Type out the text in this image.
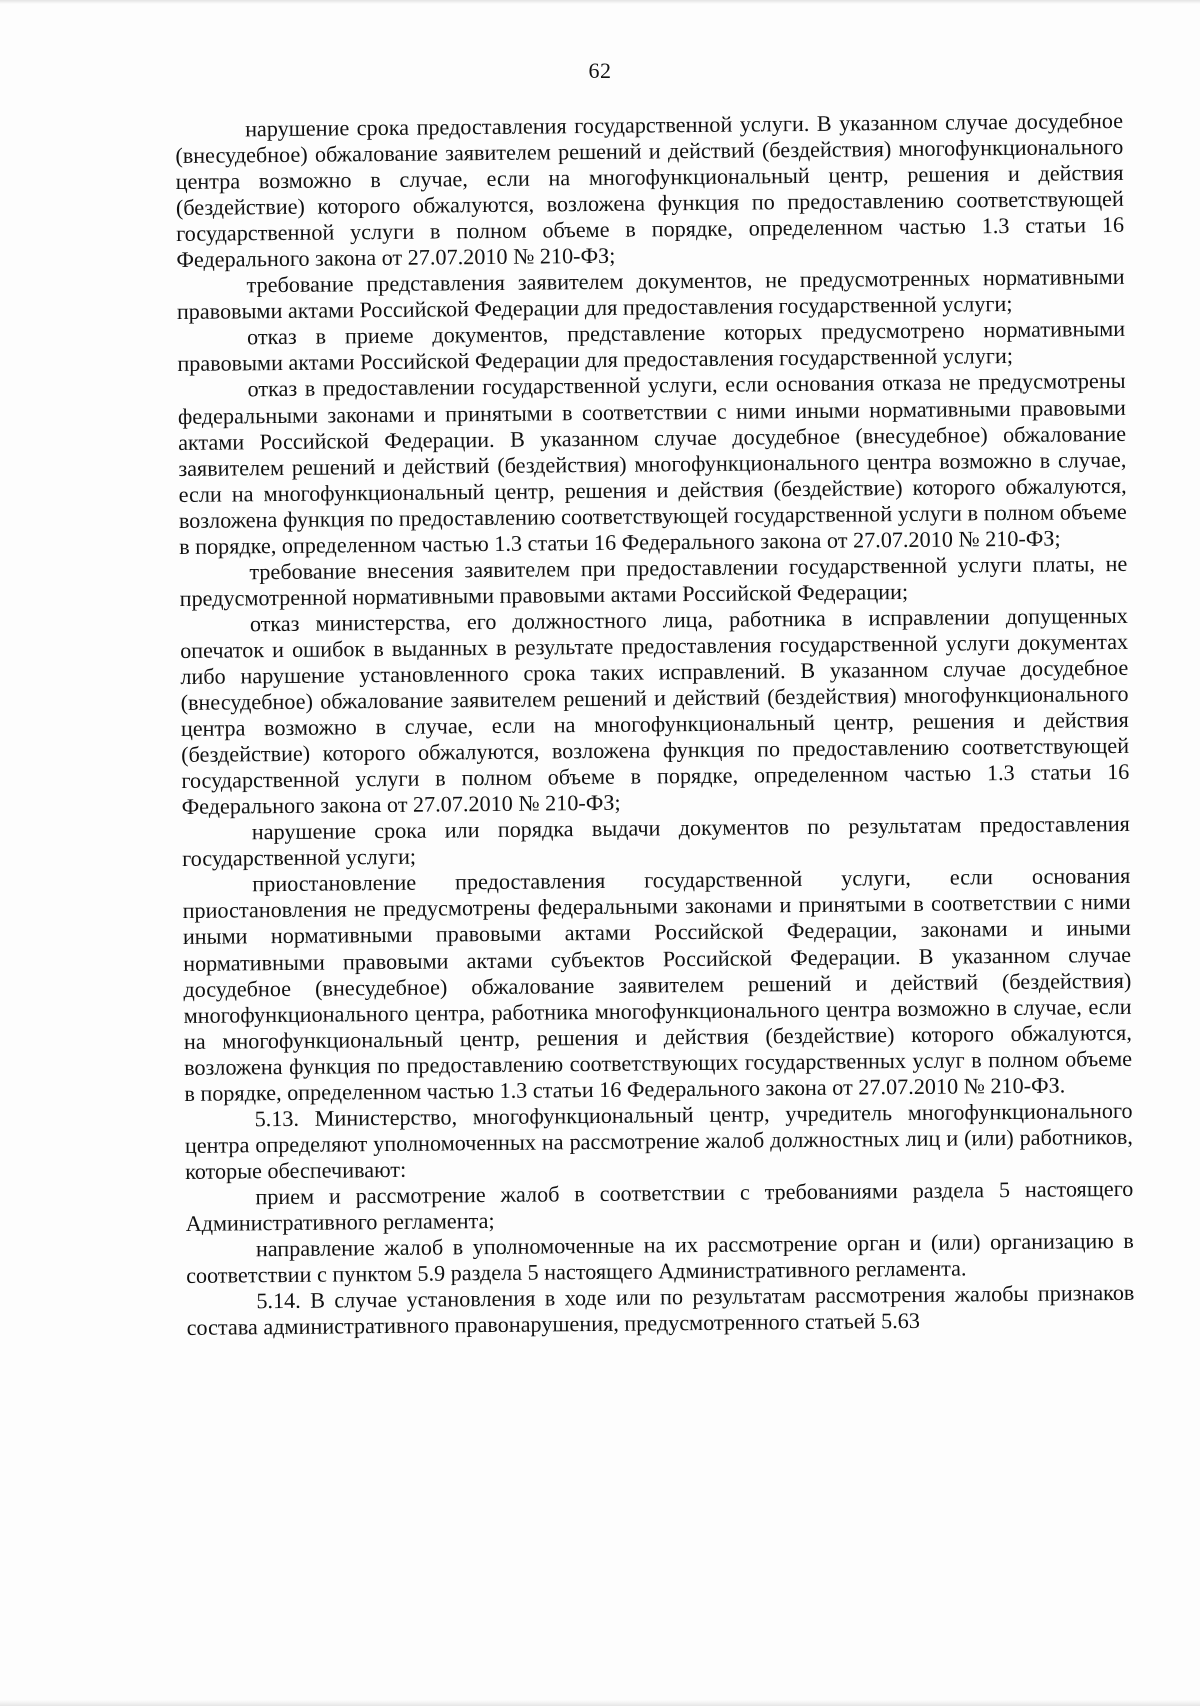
62

нарушение срока предоставления государственной услуги. В указанном случае досудебное (внесудебное) обжалование заявителем решений и действий (бездействия) многофункционального центра возможно в случае, если на многофункциональный центр, решения и действия (бездействие) которого обжалуются, возложена функция по предоставлению соответствующей государственной услуги в полном объеме в порядке, определенном частью 1.3 статьи 16 Федерального закона от 27.07.2010 № 210-ФЗ;

требование представления заявителем документов, не предусмотренных нормативными правовыми актами Российской Федерации для предоставления государственной услуги;

отказ в приеме документов, представление которых предусмотрено нормативными правовыми актами Российской Федерации для предоставления государственной услуги;

отказ в предоставлении государственной услуги, если основания отказа не предусмотрены федеральными законами и принятыми в соответствии с ними иными нормативными правовыми актами Российской Федерации. В указанном случае досудебное (внесудебное) обжалование заявителем решений и действий (бездействия) многофункционального центра возможно в случае, если на многофункциональный центр, решения и действия (бездействие) которого обжалуются, возложена функция по предоставлению соответствующей государственной услуги в полном объеме в порядке, определенном частью 1.3 статьи 16 Федерального закона от 27.07.2010 № 210-ФЗ;

требование внесения заявителем при предоставлении государственной услуги платы, не предусмотренной нормативными правовыми актами Российской Федерации;

отказ министерства, его должностного лица, работника в исправлении допущенных опечаток и ошибок в выданных в результате предоставления государственной услуги документах либо нарушение установленного срока таких исправлений. В указанном случае досудебное (внесудебное) обжалование заявителем решений и действий (бездействия) многофункционального центра возможно в случае, если на многофункциональный центр, решения и действия (бездействие) которого обжалуются, возложена функция по предоставлению соответствующей государственной услуги в полном объеме в порядке, определенном частью 1.3 статьи 16 Федерального закона от 27.07.2010 № 210-ФЗ;

нарушение срока или порядка выдачи документов по результатам предоставления государственной услуги;

приостановление предоставления государственной услуги, если основания приостановления не предусмотрены федеральными законами и принятыми в соответствии с ними иными нормативными правовыми актами Российской Федерации, законами и иными нормативными правовыми актами субъектов Российской Федерации. В указанном случае досудебное (внесудебное) обжалование заявителем решений и действий (бездействия) многофункционального центра, работника многофункционального центра возможно в случае, если на многофункциональный центр, решения и действия (бездействие) которого обжалуются, возложена функция по предоставлению соответствующих государственных услуг в полном объеме в порядке, определенном частью 1.3 статьи 16 Федерального закона от 27.07.2010 № 210-ФЗ.

5.13. Министерство, многофункциональный центр, учредитель многофункционального центра определяют уполномоченных на рассмотрение жалоб должностных лиц и (или) работников, которые обеспечивают:

прием и рассмотрение жалоб в соответствии с требованиями раздела 5 настоящего Административного регламента;

направление жалоб в уполномоченные на их рассмотрение орган и (или) организацию в соответствии с пунктом 5.9 раздела 5 настоящего Административного регламента.

5.14. В случае установления в ходе или по результатам рассмотрения жалобы признаков состава административного правонарушения, предусмотренного статьей 5.63
